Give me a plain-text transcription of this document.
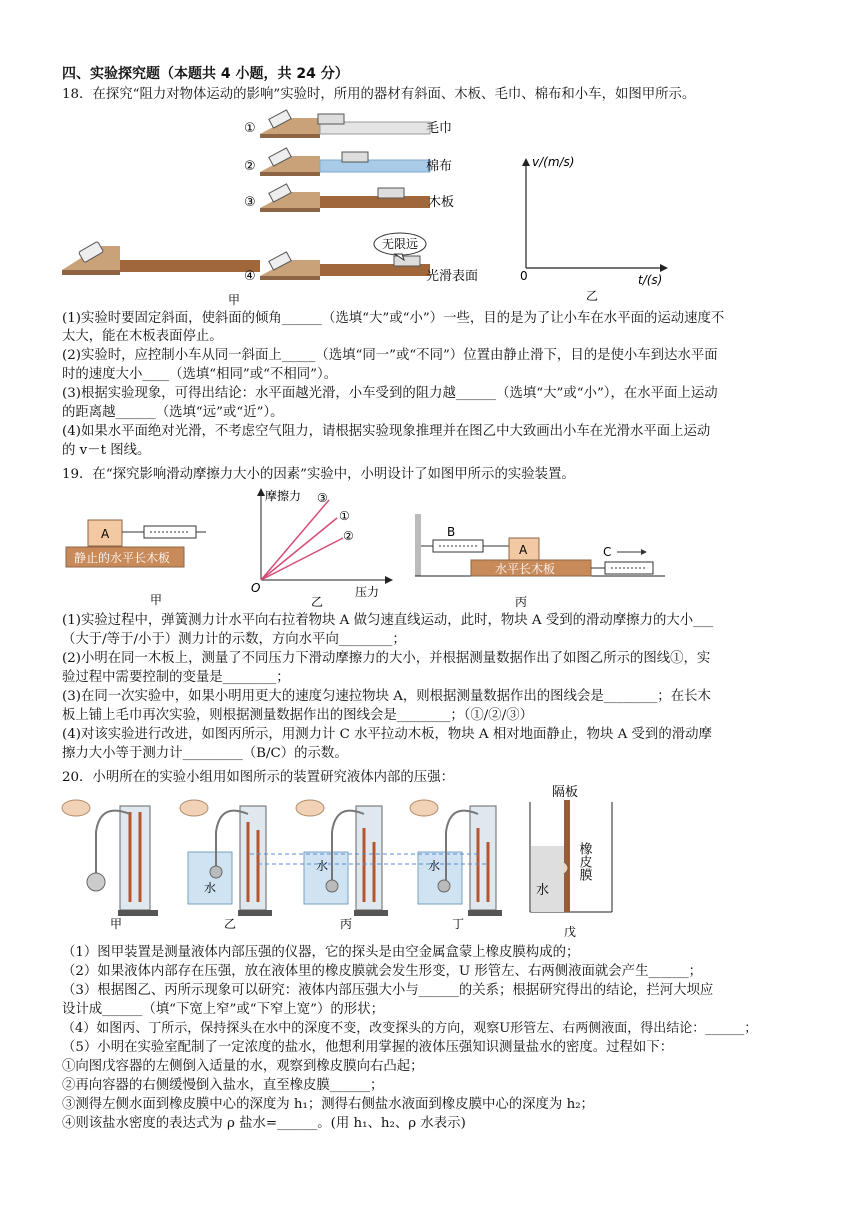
四、实验探究题（本题共 4 小题，共 24 分）
18．在探究“阻力对物体运动的影响”实验时，所用的器材有斜面、木板、毛巾、棉布和小车，如图甲所示。
无限远
①
②
③
④
毛巾
棉布
木板
光滑表面
甲
v/(m/s)
t/(s)
0
乙
(1)实验时要固定斜面，使斜面的倾角______（选填“大”或“小”）一些，目的是为了让小车在水平面的运动速度不
太大，能在木板表面停止。
(2)实验时，应控制小车从同一斜面上_____（选填“同一”或“不同”）位置由静止滑下，目的是使小车到达水平面
时的速度大小____（选填“相同”或“不相同”）。
(3)根据实验现象，可得出结论：水平面越光滑，小车受到的阻力越______（选填“大”或“小”），在水平面上运动
的距离越______（选填“远”或“近”）。
(4)如果水平面绝对光滑，不考虑空气阻力，请根据实验现象推理并在图乙中大致画出小车在光滑水平面上运动
的 v－t 图线。
19．在“探究影响滑动摩擦力大小的因素”实验中，小明设计了如图甲所示的实验装置。
A
静止的水平长木板
甲
摩擦力
压力
O
③
①
②
乙
B
A
水平长木板
C
丙
(1)实验过程中，弹簧测力计水平向右拉着物块 A 做匀速直线运动，此时，物块 A 受到的滑动摩擦力的大小___
（大于/等于/小于）测力计的示数，方向水平向________；
(2)小明在同一木板上，测量了不同压力下滑动摩擦力的大小，并根据测量数据作出了如图乙所示的图线①，实
验过程中需要控制的变量是________；
(3)在同一次实验中，如果小明用更大的速度匀速拉物块 A，则根据测量数据作出的图线会是________；在长木
板上铺上毛巾再次实验，则根据测量数据作出的图线会是________；（①/②/③）
(4)对该实验进行改进，如图丙所示，用测力计 C 水平拉动木板，物块 A 相对地面静止，物块 A 受到的滑动摩
擦力大小等于测力计_________（B/C）的示数。
20．小明所在的实验小组用如图所示的装置研究液体内部的压强：
甲
水
乙
水
丙
水
丁
隔板
橡皮膜
水
戊
（1）图甲装置是测量液体内部压强的仪器，它的探头是由空金属盒蒙上橡皮膜构成的；
（2）如果液体内部存在压强，放在液体里的橡皮膜就会发生形变，U 形管左、右两侧液面就会产生______；
（3）根据图乙、丙所示现象可以研究：液体内部压强大小与______的关系；根据研究得出的结论，拦河大坝应
设计成______（填“下宽上窄”或“下窄上宽”）的形状；
（4）如图丙、丁所示，保持探头在水中的深度不变，改变探头的方向，观察U形管左、右两侧液面，得出结论：______；
（5）小明在实验室配制了一定浓度的盐水，他想利用掌握的液体压强知识测量盐水的密度。过程如下：
①向图戊容器的左侧倒入适量的水，观察到橡皮膜向右凸起；
②再向容器的右侧缓慢倒入盐水，直至橡皮膜______；
③测得左侧水面到橡皮膜中心的深度为 h₁；测得右侧盐水液面到橡皮膜中心的深度为 h₂；
④则该盐水密度的表达式为 ρ 盐水=______。(用 h₁、h₂、ρ 水表示)
